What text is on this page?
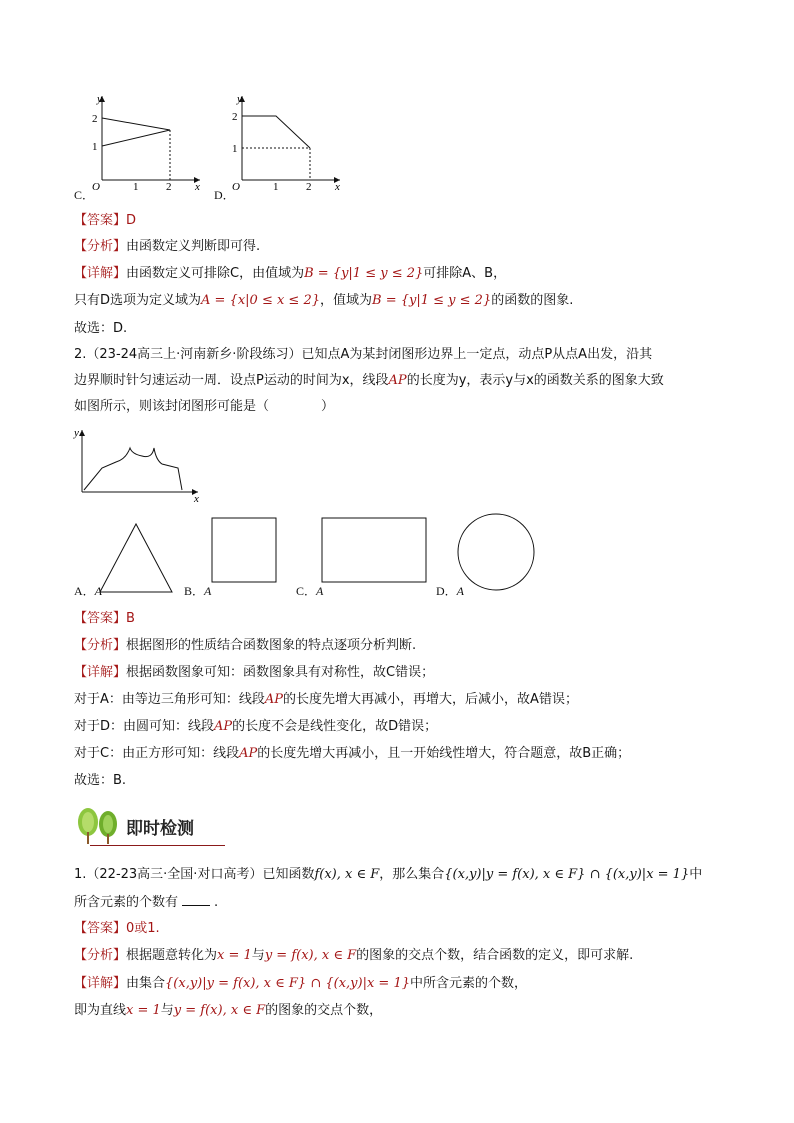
y
x
O
2
1
1	2
C．
y
x
O
2
1
1	2
D．
【答案】D
【分析】由函数定义判断即可得.
【详解】由函数定义可排除C，由值域为B = {y|1 ≤ y ≤ 2}可排除A、B，
只有D选项为定义域为A = {x|0 ≤ x ≤ 2}，值域为B = {y|1 ≤ y ≤ 2}的函数的图象.
故选：D.
2.（23-24高三上·河南新乡·阶段练习）已知点A为某封闭图形边界上一定点，动点P从点A出发，沿其
边界顺时针匀速运动一周．设点P运动的时间为x，线段AP的长度为y，表示y与x的函数关系的图象大致
如图所示，则该封闭图形可能是（　　　　）
y
x
A．A	B．A	C．A	D．A
【答案】B
【分析】根据图形的性质结合函数图象的特点逐项分析判断.
【详解】根据函数图象可知：函数图象具有对称性，故C错误；
对于A：由等边三角形可知：线段AP的长度先增大再减小，再增大，后减小，故A错误；
对于D：由圆可知：线段AP的长度不会是线性变化，故D错误；
对于C：由正方形可知：线段AP的长度先增大再减小，且一开始线性增大，符合题意，故B正确；
故选：B.
即时检测
1.（22-23高三·全国·对口高考）已知函数f(x), x ∈ F，那么集合{(x,y)|y = f(x), x ∈ F} ∩ {(x,y)|x = 1}中
所含元素的个数有	.
【答案】0或1.
【分析】根据题意转化为x = 1与y = f(x), x ∈ F的图象的交点个数，结合函数的定义，即可求解.
【详解】由集合{(x,y)|y = f(x), x ∈ F} ∩ {(x,y)|x = 1}中所含元素的个数，
即为直线x = 1与y = f(x), x ∈ F的图象的交点个数，
